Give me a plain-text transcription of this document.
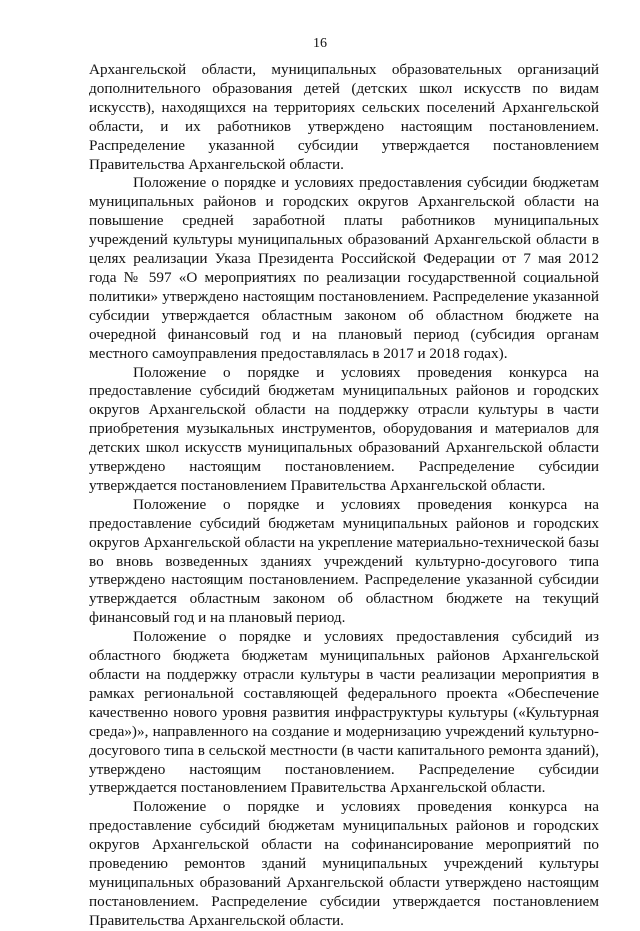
16

Архангельской области, муниципальных образовательных организаций дополнительного образования детей (детских школ искусств по видам искусств), находящихся на территориях сельских поселений Архангельской области, и их работников утверждено настоящим постановлением. Распределение указанной субсидии утверждается постановлением Правительства Архангельской области.

Положение о порядке и условиях предоставления субсидии бюджетам муниципальных районов и городских округов Архангельской области на повышение средней заработной платы работников муниципальных учреждений культуры муниципальных образований Архангельской области в целях реализации Указа Президента Российской Федерации от 7 мая 2012 года № 597 «О мероприятиях по реализации государственной социальной политики» утверждено настоящим постановлением. Распределение указанной субсидии утверждается областным законом об областном бюджете на очередной финансовый год и на плановый период (субсидия органам местного самоуправления предоставлялась в 2017 и 2018 годах).

Положение о порядке и условиях проведения конкурса на предоставление субсидий бюджетам муниципальных районов и городских округов Архангельской области на поддержку отрасли культуры в части приобретения музыкальных инструментов, оборудования и материалов для детских школ искусств муниципальных образований Архангельской области утверждено настоящим постановлением. Распределение субсидии утверждается постановлением Правительства Архангельской области.

Положение о порядке и условиях проведения конкурса на предоставление субсидий бюджетам муниципальных районов и городских округов Архангельской области на укрепление материально-технической базы во вновь возведенных зданиях учреждений культурно-досугового типа утверждено настоящим постановлением. Распределение указанной субсидии утверждается областным законом об областном бюджете на текущий финансовый год и на плановый период.

Положение о порядке и условиях предоставления субсидий из областного бюджета бюджетам муниципальных районов Архангельской области на поддержку отрасли культуры в части реализации мероприятия в рамках региональной составляющей федерального проекта «Обеспечение качественно нового уровня развития инфраструктуры культуры («Культурная среда»)», направленного на создание и модернизацию учреждений культурно-досугового типа в сельской местности (в части капитального ремонта зданий), утверждено настоящим постановлением. Распределение субсидии утверждается постановлением Правительства Архангельской области.

Положение о порядке и условиях проведения конкурса на предоставление субсидий бюджетам муниципальных районов и городских округов Архангельской области на софинансирование мероприятий по проведению ремонтов зданий муниципальных учреждений культуры муниципальных образований Архангельской области утверждено настоящим постановлением. Распределение субсидии утверждается постановлением Правительства Архангельской области.
